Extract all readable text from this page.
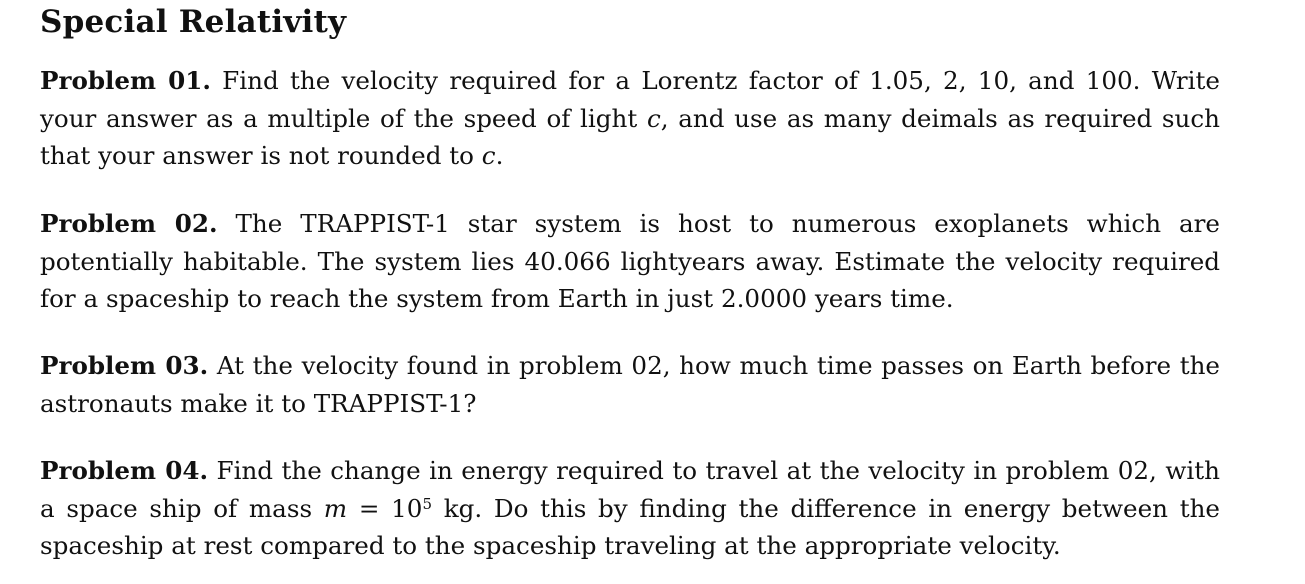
Special Relativity
Problem 01. Find the velocity required for a Lorentz factor of 1.05, 2, 10, and 100. Write your answer as a multiple of the speed of light c, and use as many deimals as required such that your answer is not rounded to c.
Problem 02. The TRAPPIST-1 star system is host to numerous exoplanets which are potentially habitable. The system lies 40.066 lightyears away. Estimate the velocity required for a spaceship to reach the system from Earth in just 2.0000 years time.
Problem 03. At the velocity found in problem 02, how much time passes on Earth before the astronauts make it to TRAPPIST-1?
Problem 04. Find the change in energy required to travel at the velocity in problem 02, with a space ship of mass $m = 10^5$ kg. Do this by finding the difference in energy between the spaceship at rest compared to the spaceship traveling at the appropriate velocity.
